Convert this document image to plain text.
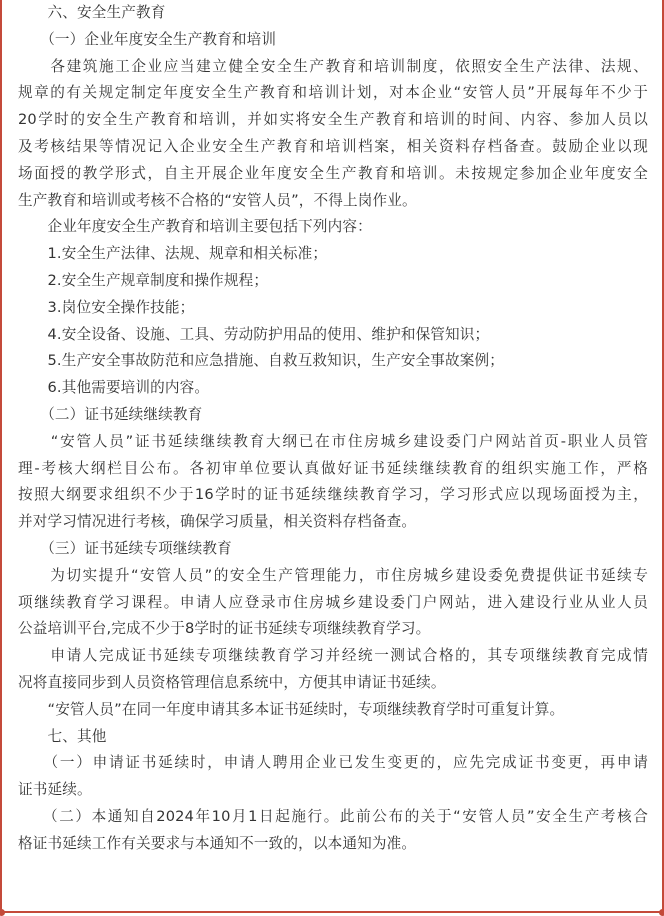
　　六、安全生产教育

　　（一）企业年度安全生产教育和培训

　　各建筑施工企业应当建立健全安全生产教育和培训制度，依照安全生产法律、法规、

规章的有关规定制定年度安全生产教育和培训计划，对本企业“安管人员”开展每年不少于

20学时的安全生产教育和培训，并如实将安全生产教育和培训的时间、内容、参加人员以

及考核结果等情况记入企业安全生产教育和培训档案，相关资料存档备查。鼓励企业以现

场面授的教学形式，自主开展企业年度安全生产教育和培训。未按规定参加企业年度安全

生产教育和培训或考核不合格的“安管人员”，不得上岗作业。

　　企业年度安全生产教育和培训主要包括下列内容：

　　1.安全生产法律、法规、规章和相关标准；

　　2.安全生产规章制度和操作规程；

　　3.岗位安全操作技能；

　　4.安全设备、设施、工具、劳动防护用品的使用、维护和保管知识；

　　5.生产安全事故防范和应急措施、自救互救知识，生产安全事故案例；

　　6.其他需要培训的内容。

　　（二）证书延续继续教育

　　“安管人员”证书延续继续教育大纲已在市住房城乡建设委门户网站首页-职业人员管

理-考核大纲栏目公布。各初审单位要认真做好证书延续继续教育的组织实施工作，严格

按照大纲要求组织不少于16学时的证书延续继续教育学习，学习形式应以现场面授为主，

并对学习情况进行考核，确保学习质量，相关资料存档备查。

　　（三）证书延续专项继续教育

　　为切实提升“安管人员”的安全生产管理能力，市住房城乡建设委免费提供证书延续专

项继续教育学习课程。申请人应登录市住房城乡建设委门户网站，进入建设行业从业人员

公益培训平台,完成不少于8学时的证书延续专项继续教育学习。

　　申请人完成证书延续专项继续教育学习并经统一测试合格的，其专项继续教育完成情

况将直接同步到人员资格管理信息系统中，方便其申请证书延续。

　　“安管人员”在同一年度申请其多本证书延续时，专项继续教育学时可重复计算。

　　七、其他

　　（一）申请证书延续时，申请人聘用企业已发生变更的，应先完成证书变更，再申请

证书延续。

　　（二）本通知自2024年10月1日起施行。此前公布的关于“安管人员”安全生产考核合

格证书延续工作有关要求与本通知不一致的，以本通知为准。
